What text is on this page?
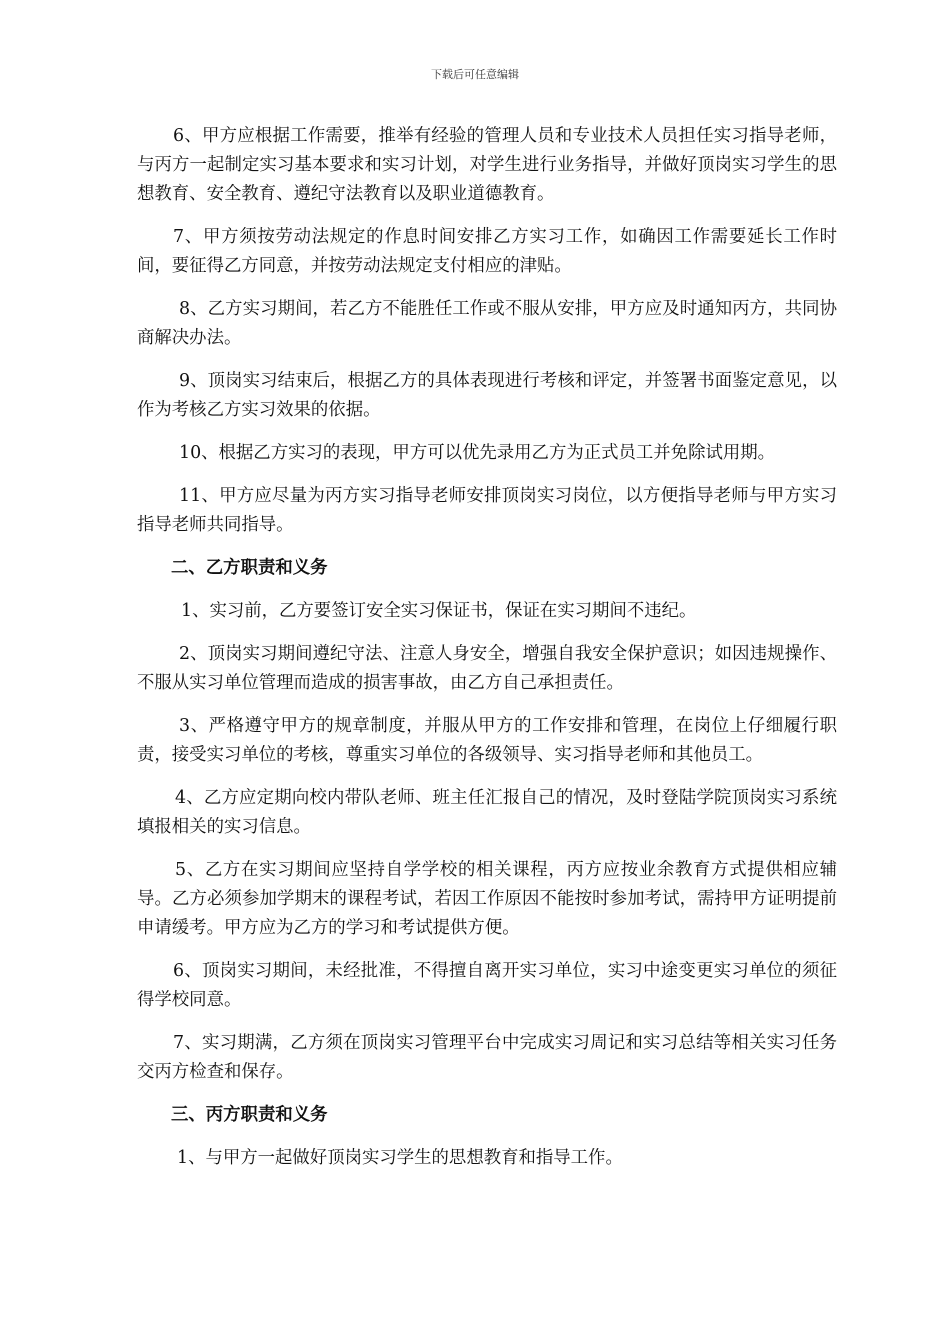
下载后可任意编辑

6、甲方应根据工作需要，推举有经验的管理人员和专业技术人员担任实习指导老师，与丙方一起制定实习基本要求和实习计划，对学生进行业务指导，并做好顶岗实习学生的思想教育、安全教育、遵纪守法教育以及职业道德教育。

7、甲方须按劳动法规定的作息时间安排乙方实习工作，如确因工作需要延长工作时间，要征得乙方同意，并按劳动法规定支付相应的津贴。

8、乙方实习期间，若乙方不能胜任工作或不服从安排，甲方应及时通知丙方，共同协商解决办法。

9、顶岗实习结束后，根据乙方的具体表现进行考核和评定，并签署书面鉴定意见，以作为考核乙方实习效果的依据。

10、根据乙方实习的表现，甲方可以优先录用乙方为正式员工并免除试用期。

11、甲方应尽量为丙方实习指导老师安排顶岗实习岗位，以方便指导老师与甲方实习指导老师共同指导。

二、乙方职责和义务

1、实习前，乙方要签订安全实习保证书，保证在实习期间不违纪。

2、顶岗实习期间遵纪守法、注意人身安全，增强自我安全保护意识；如因违规操作、不服从实习单位管理而造成的损害事故，由乙方自己承担责任。

3、严格遵守甲方的规章制度，并服从甲方的工作安排和管理，在岗位上仔细履行职责，接受实习单位的考核，尊重实习单位的各级领导、实习指导老师和其他员工。

4、乙方应定期向校内带队老师、班主任汇报自己的情况，及时登陆学院顶岗实习系统填报相关的实习信息。

5、乙方在实习期间应坚持自学学校的相关课程，丙方应按业余教育方式提供相应辅导。乙方必须参加学期末的课程考试，若因工作原因不能按时参加考试，需持甲方证明提前申请缓考。甲方应为乙方的学习和考试提供方便。

6、顶岗实习期间，未经批准，不得擅自离开实习单位，实习中途变更实习单位的须征得学校同意。

7、实习期满，乙方须在顶岗实习管理平台中完成实习周记和实习总结等相关实习任务交丙方检查和保存。

三、丙方职责和义务

1、与甲方一起做好顶岗实习学生的思想教育和指导工作。
